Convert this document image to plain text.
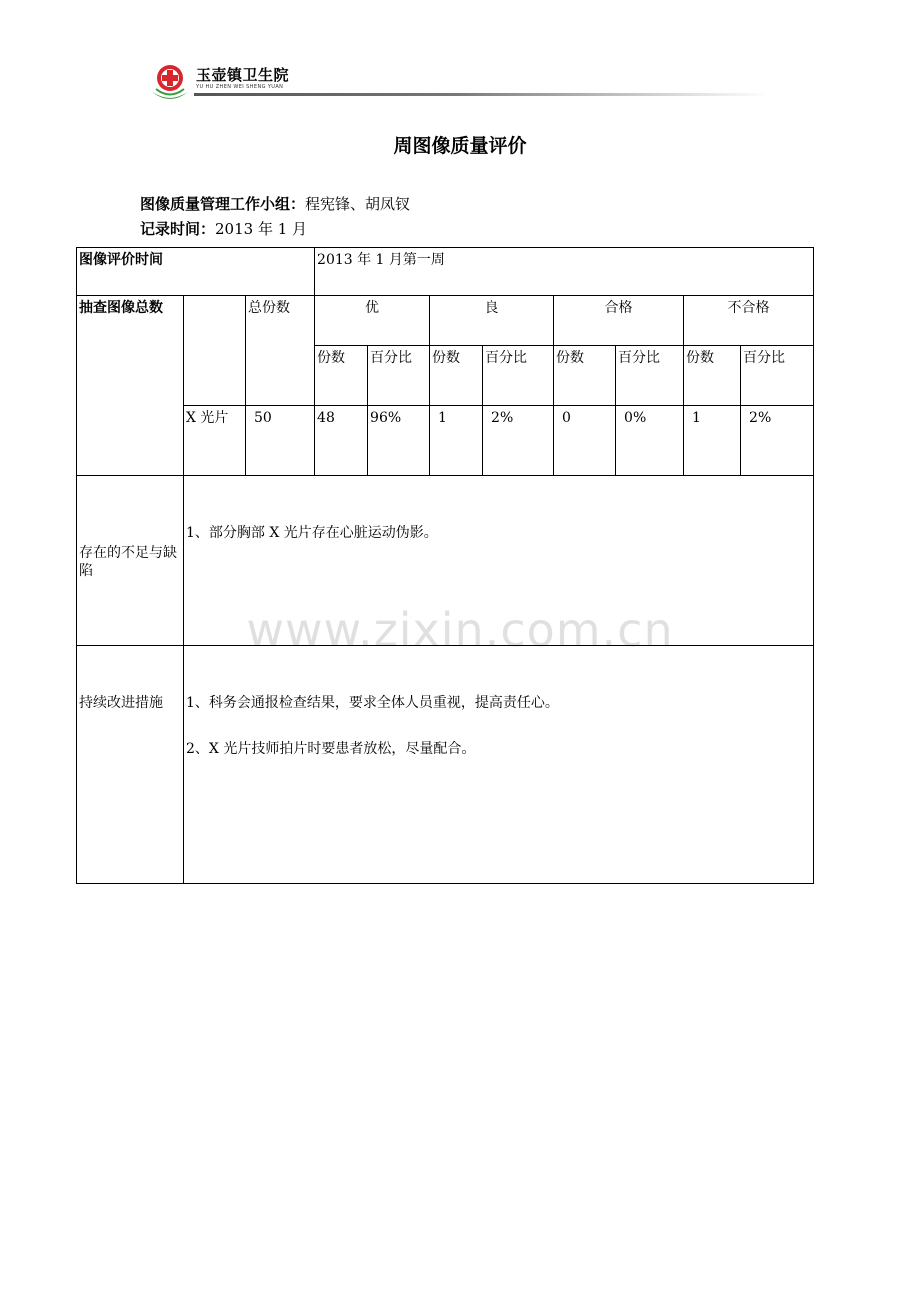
玉壶镇卫生院
YU HU ZHEN WEI SHENG YUAN
周图像质量评价
图像质量管理工作小组：程宪锋、胡凤钗
记录时间：2013 年 1 月
图像评价时间			2013 年 1 月第一周							
抽查图像总数		总份数	优		良		合格		不合格	
			份数	百分比	份数	百分比	份数	百分比	份数	百分比
	X 光片	50	48	96%	1	2%	0	0%	1	2%
存在的不足与缺陷	1、部分胸部 X 光片存在心脏运动伪影。									

持续改进措施	1、科务会通报检查结果，要求全体人员重视，提高责任心。
2、X 光片技师拍片时要患者放松，尽量配合。									
www.zixin.com.cn
